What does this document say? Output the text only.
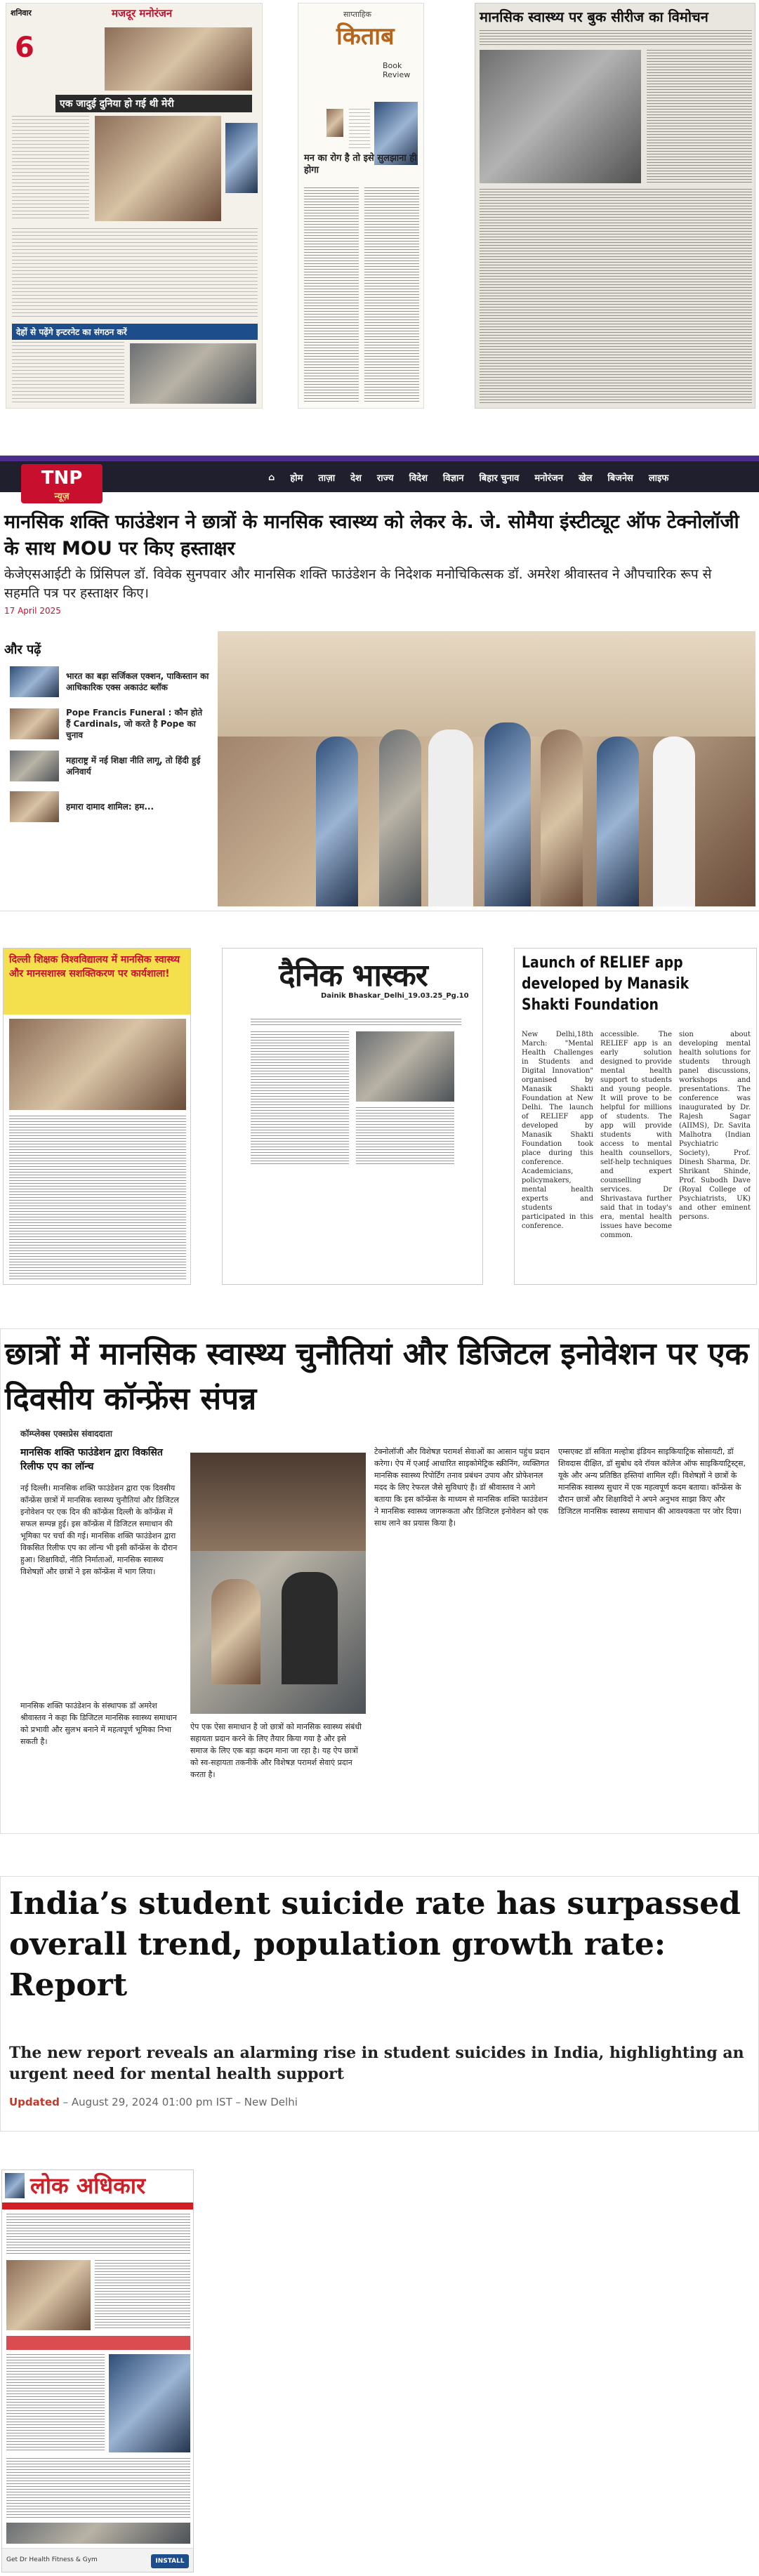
शनिवार	मजदूर मनोरंजन
6
एक जादुई दुनिया हो गई थी मेरी
देहों से पढ़ेंगे इन्टरनेट का संगठन करें
साप्ताहिक
किताब
Book Review
मन का रोग है तो इसे सुलझाना ही होगा
मानसिक स्वास्थ्य पर बुक सीरीज का विमोचन
TNP
न्यूज़
⌂ होम ताज़ा देश राज्य विदेश विज्ञान बिहार चुनाव मनोरंजन खेल बिजनेस लाइफ
मानसिक शक्ति फाउंडेशन ने छात्रों के मानसिक स्वास्थ्य को लेकर के. जे. सोमैया इंस्टीट्यूट ऑफ टेक्नोलॉजी के साथ MOU पर किए हस्ताक्षर
केजेएसआईटी के प्रिंसिपल डॉ. विवेक सुनपवार और मानसिक शक्ति फाउंडेशन के निदेशक मनोचिकित्सक डॉ. अमरेश श्रीवास्तव ने औपचारिक रूप से सहमति पत्र पर हस्ताक्षर किए।
17 April 2025
और पढ़ें
भारत का बड़ा सर्जिकल एक्शन, पाकिस्तान का आधिकारिक एक्स अकाउंट ब्लॉक
Pope Francis Funeral : कौन होते हैं Cardinals, जो करते है Pope का चुनाव
महाराष्ट्र में नई शिक्षा नीति लागू, तो हिंदी हुई अनिवार्य
हमारा दामाद शामिल: हम...
दिल्ली शिक्षक विश्वविद्यालय में मानसिक स्वास्थ्य और मानसशास्त्र सशक्तिकरण पर कार्यशाला!	दैनिक भास्कर
Dainik Bhaskar_Delhi_19.03.25_Pg.10
Launch of RELIEF app developed by Manasik Shakti Foundation
New Delhi,18th March: "Mental Health Challenges in Students and Digital Innovation" organised by Manasik Shakti Foundation at New Delhi. The launch of RELIEF app developed by Manasik Shakti Foundation took place during this conference. Academicians, policymakers, mental health experts and students participated in this conference.
accessible. The RELIEF app is an early solution designed to provide mental health support to students and young people. It will prove to be helpful for millions of students. The app will provide students with access to mental health counsellors, self-help techniques and expert counselling services. Dr Shrivastava further said that in today's era, mental health issues have become common.
sion about developing mental health solutions for students through panel discussions, workshops and presentations. The conference was inaugurated by Dr. Rajesh Sagar (AIIMS), Dr. Savita Malhotra (Indian Psychiatric Society), Prof. Dinesh Sharma, Dr. Shrikant Shinde, Prof. Subodh Dave (Royal College of Psychiatrists, UK) and other eminent persons.
छात्रों में मानसिक स्वास्थ्य चुनौतियां और डिजिटल इनोवेशन पर एक दिवसीय कॉन्फ्रेंस संपन्न
कॉम्प्लेक्स एक्सप्रेस संवाददाता
मानसिक शक्ति फाउंडेशन द्वारा विकसित रिलीफ एप का लॉन्च
नई दिल्ली। मानसिक शक्ति फाउंडेशन द्वारा एक दिवसीय कॉन्फ्रेंस छात्रों में मानसिक स्वास्थ्य चुनौतियां और डिजिटल इनोवेशन पर एक दिन की कॉन्फ्रेंस दिल्ली के कॉन्फ्रेंस में सफल सम्पन्न हुई। इस कॉन्फ्रेंस में डिजिटल समाधान की भूमिका पर चर्चा की गई। मानसिक शक्ति फाउंडेशन द्वारा विकसित रिलीफ एप का लॉन्च भी इसी कॉन्फ्रेंस के दौरान हुआ। शिक्षाविदों, नीति निर्माताओं, मानसिक स्वास्थ्य विशेषज्ञों और छात्रों ने इस कॉन्फ्रेंस में भाग लिया।
मानसिक शक्ति फाउंडेशन के संस्थापक डॉ अमरेश श्रीवास्तव ने कहा कि डिजिटल मानसिक स्वास्थ्य समाधान को प्रभावी और सुलभ बनाने में महत्वपूर्ण भूमिका निभा सकती है।
ऐप एक ऐसा समाधान है जो छात्रों को मानसिक स्वास्थ्य संबंधी सहायता प्रदान करने के लिए तैयार किया गया है और इसे समाज के लिए एक बड़ा कदम माना जा रहा है। यह ऐप छात्रों को स्व-सहायता तकनीकें और विशेषज्ञ परामर्श सेवाएं प्रदान करता है।
टेक्नोलॉजी और विशेषज्ञ परामर्श सेवाओं का आसान पहुंच प्रदान करेगा। ऐप में एआई आधारित साइकोमेट्रिक स्क्रीनिंग, व्यक्तिगत मानसिक स्वास्थ्य रिपोर्टिंग तनाव प्रबंधन उपाय और प्रोफेशनल मदद के लिए रेफरल जैसे सुविधाएं हैं। डॉ श्रीवास्तव ने आगे बताया कि इस कॉन्फ्रेंस के माध्यम से मानसिक शक्ति फाउंडेशन ने मानसिक स्वास्थ्य जागरूकता और डिजिटल इनोवेशन को एक साथ लाने का प्रयास किया है।
एम्सएक्ट डॉ सविता मल्होत्रा इंडियन साइकियाट्रिक सोसायटी, डॉ शिवदास दीक्षित, डॉ सुबोध दवे रॉयल कॉलेज ऑफ साइकियाट्रिस्ट्स, यूके और अन्य प्रतिष्ठित हस्तियां शामिल रहीं। विशेषज्ञों ने छात्रों के मानसिक स्वास्थ्य सुधार में एक महत्वपूर्ण कदम बताया। कॉन्फ्रेंस के दौरान छात्रों और शिक्षाविदों ने अपने अनुभव साझा किए और डिजिटल मानसिक स्वास्थ्य समाधान की आवश्यकता पर जोर दिया।
India’s student suicide rate has surpassed overall trend, population growth rate: Report
The new report reveals an alarming rise in student suicides in India, highlighting an urgent need for mental health support
Updated – August 29, 2024 01:00 pm IST – New Delhi
लोक अधिकार
Get Dr Health Fitness & Gym	INSTALL
